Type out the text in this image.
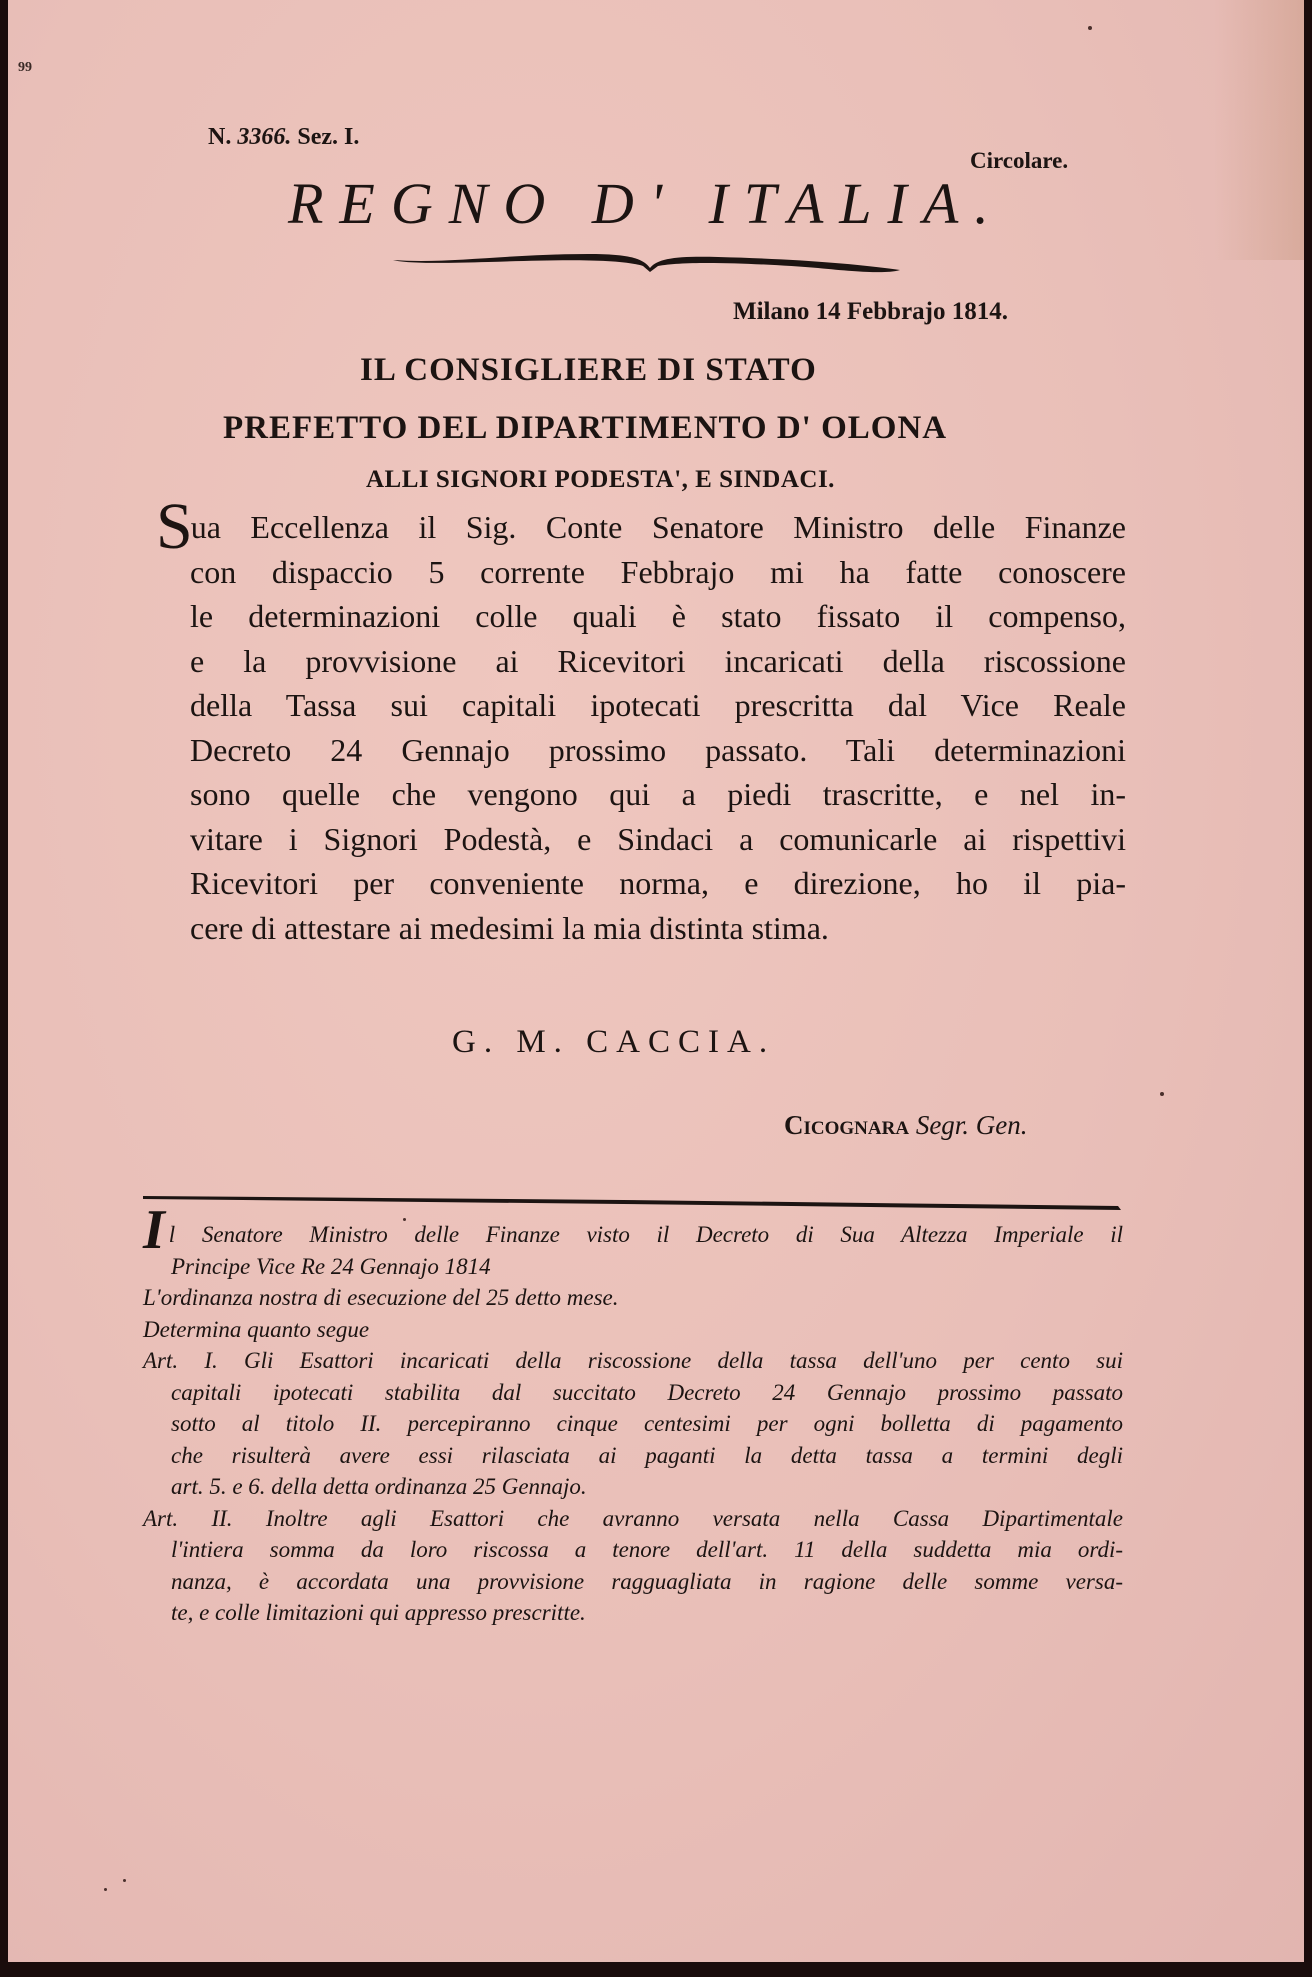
99
N. 3366. Sez. I.
Circolare.
REGNO D' ITALIA.
Milano 14 Febbrajo 1814.
IL CONSIGLIERE DI STATO
PREFETTO DEL DIPARTIMENTO D' OLONA
ALLI SIGNORI PODESTA', E SINDACI.
Sua Eccellenza il Sig. Conte Senatore Ministro delle Finanze
con dispaccio 5 corrente Febbrajo mi ha fatte conoscere
le determinazioni colle quali è stato fissato il compenso,
e la provvisione ai Ricevitori incaricati della riscossione
della Tassa sui capitali ipotecati prescritta dal Vice Reale
Decreto 24 Gennajo prossimo passato. Tali determinazioni
sono quelle che vengono qui a piedi trascritte, e nel in-
vitare i Signori Podestà, e Sindaci a comunicarle ai rispettivi
Ricevitori per conveniente norma, e direzione, ho il pia-
cere di attestare ai medesimi la mia distinta stima.
G. M. CACCIA.
Cicognara Segr. Gen.
Il Senatore Ministro delle Finanze visto il Decreto di Sua Altezza Imperiale il
Principe Vice Re 24 Gennajo 1814
L'ordinanza nostra di esecuzione del 25 detto mese.
Determina quanto segue
Art. I. Gli Esattori incaricati della riscossione della tassa dell'uno per cento sui
capitali ipotecati stabilita dal succitato Decreto 24 Gennajo prossimo passato
sotto al titolo II. percepiranno cinque centesimi per ogni bolletta di pagamento
che risulterà avere essi rilasciata ai paganti la detta tassa a termini degli
art. 5. e 6. della detta ordinanza 25 Gennajo.
Art. II. Inoltre agli Esattori che avranno versata nella Cassa Dipartimentale
l'intiera somma da loro riscossa a tenore dell'art. 11 della suddetta mia ordi-
nanza, è accordata una provvisione ragguagliata in ragione delle somme versa-
te, e colle limitazioni qui appresso prescritte.
